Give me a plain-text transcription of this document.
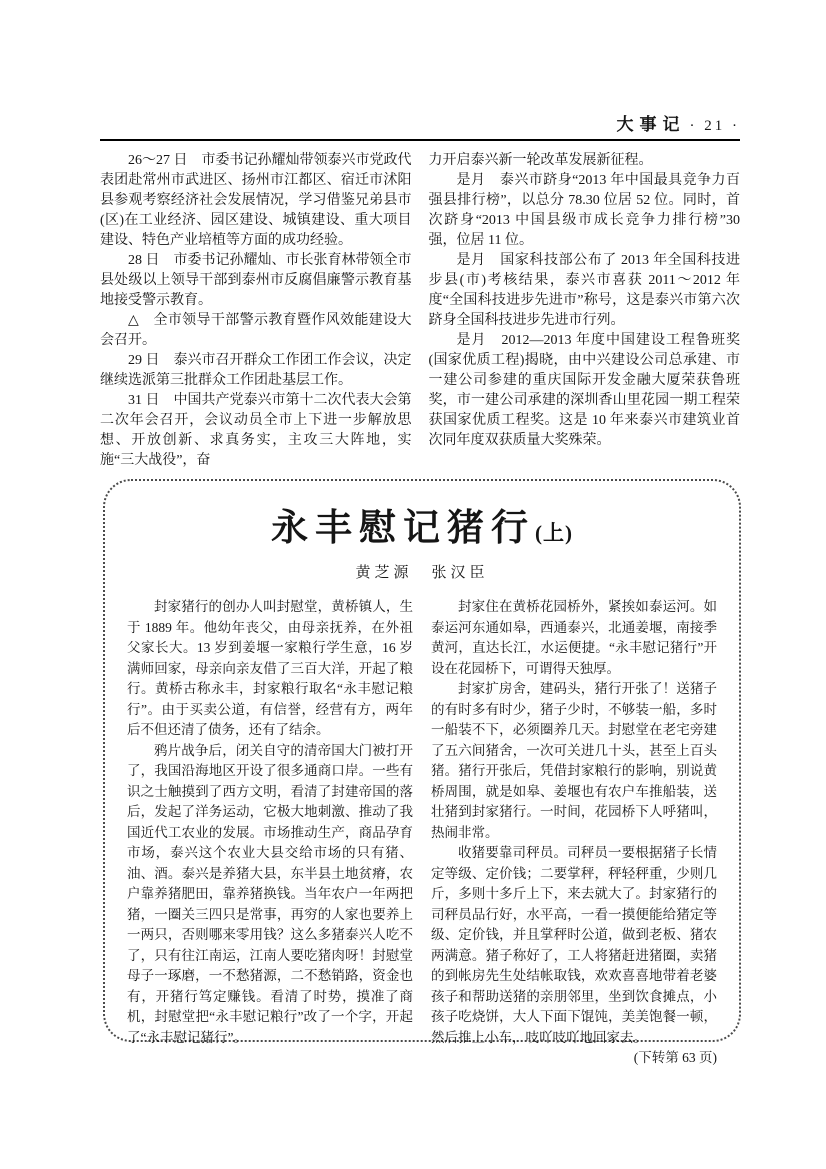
大事记 · 21 ·

26～27 日　市委书记孙耀灿带领泰兴市党政代表团赴常州市武进区、扬州市江都区、宿迁市沭阳县参观考察经济社会发展情况，学习借鉴兄弟县市(区)在工业经济、园区建设、城镇建设、重大项目建设、特色产业培植等方面的成功经验。

28 日　市委书记孙耀灿、市长张育林带领全市县处级以上领导干部到泰州市反腐倡廉警示教育基地接受警示教育。

△　全市领导干部警示教育暨作风效能建设大会召开。

29 日　泰兴市召开群众工作团工作会议，决定继续选派第三批群众工作团赴基层工作。

31 日　中国共产党泰兴市第十二次代表大会第二次年会召开，会议动员全市上下进一步解放思想、开放创新、求真务实，主攻三大阵地，实施“三大战役”，奋

力开启泰兴新一轮改革发展新征程。

是月　泰兴市跻身“2013 年中国最具竞争力百强县排行榜”，以总分 78.30 位居 52 位。同时，首次跻身“2013 中国县级市成长竞争力排行榜”30 强，位居 11 位。

是月　国家科技部公布了 2013 年全国科技进步县(市)考核结果，泰兴市喜获 2011～2012 年度“全国科技进步先进市”称号，这是泰兴市第六次跻身全国科技进步先进市行列。

是月　2012—2013 年度中国建设工程鲁班奖(国家优质工程)揭晓，由中兴建设公司总承建、市一建公司参建的重庆国际开发金融大厦荣获鲁班奖，市一建公司承建的深圳香山里花园一期工程荣获国家优质工程奖。这是 10 年来泰兴市建筑业首次同年度双获质量大奖殊荣。

永丰慰记猪行(上)
黄芝源　张汉臣

封家猪行的创办人叫封慰堂，黄桥镇人，生于 1889 年。他幼年丧父，由母亲抚养，在外祖父家长大。13 岁到姜堰一家粮行学生意，16 岁满师回家，母亲向亲友借了三百大洋，开起了粮行。黄桥古称永丰，封家粮行取名“永丰慰记粮行”。由于买卖公道，有信誉，经营有方，两年后不但还清了债务，还有了结余。

鸦片战争后，闭关自守的清帝国大门被打开了，我国沿海地区开设了很多通商口岸。一些有识之士触摸到了西方文明，看清了封建帝国的落后，发起了洋务运动，它极大地刺激、推动了我国近代工农业的发展。市场推动生产，商品孕育市场，泰兴这个农业大县交给市场的只有猪、油、酒。泰兴是养猪大县，东半县土地贫瘠，农户靠养猪肥田，靠养猪换钱。当年农户一年两把猪，一圈关三四只是常事，再穷的人家也要养上一两只，否则哪来零用钱？这么多猪泰兴人吃不了，只有往江南运，江南人要吃猪肉呀！封慰堂母子一琢磨，一不愁猪源，二不愁销路，资金也有，开猪行笃定赚钱。看清了时势，摸准了商机，封慰堂把“永丰慰记粮行”改了一个字，开起了“永丰慰记猪行”。

封家住在黄桥花园桥外，紧挨如泰运河。如泰运河东通如皋，西通泰兴，北通姜堰，南接季黄河，直达长江，水运便捷。“永丰慰记猪行”开设在花园桥下，可谓得天独厚。

封家扩房舍，建码头，猪行开张了！送猪子的有时多有时少，猪子少时，不够装一船，多时一船装不下，必须圈养几天。封慰堂在老宅旁建了五六间猪舍，一次可关进几十头，甚至上百头猪。猪行开张后，凭借封家粮行的影响，别说黄桥周围，就是如皋、姜堰也有农户车推船装，送壮猪到封家猪行。一时间，花园桥下人呼猪叫，热闹非常。

收猪要靠司秤员。司秤员一要根据猪子长情定等级、定价钱；二要掌秤，秤轻秤重，少则几斤，多则十多斤上下，来去就大了。封家猪行的司秤员品行好，水平高，一看一摸便能给猪定等级、定价钱，并且掌秤时公道，做到老板、猪农两满意。猪子称好了，工人将猪赶进猪圈，卖猪的到帐房先生处结帐取钱，欢欢喜喜地带着老婆孩子和帮助送猪的亲朋邻里，坐到饮食摊点，小孩子吃烧饼，大人下面下馄饨，美美饱餐一顿，然后推上小车，吱吖吱吖地回家去。
(下转第 63 页)
